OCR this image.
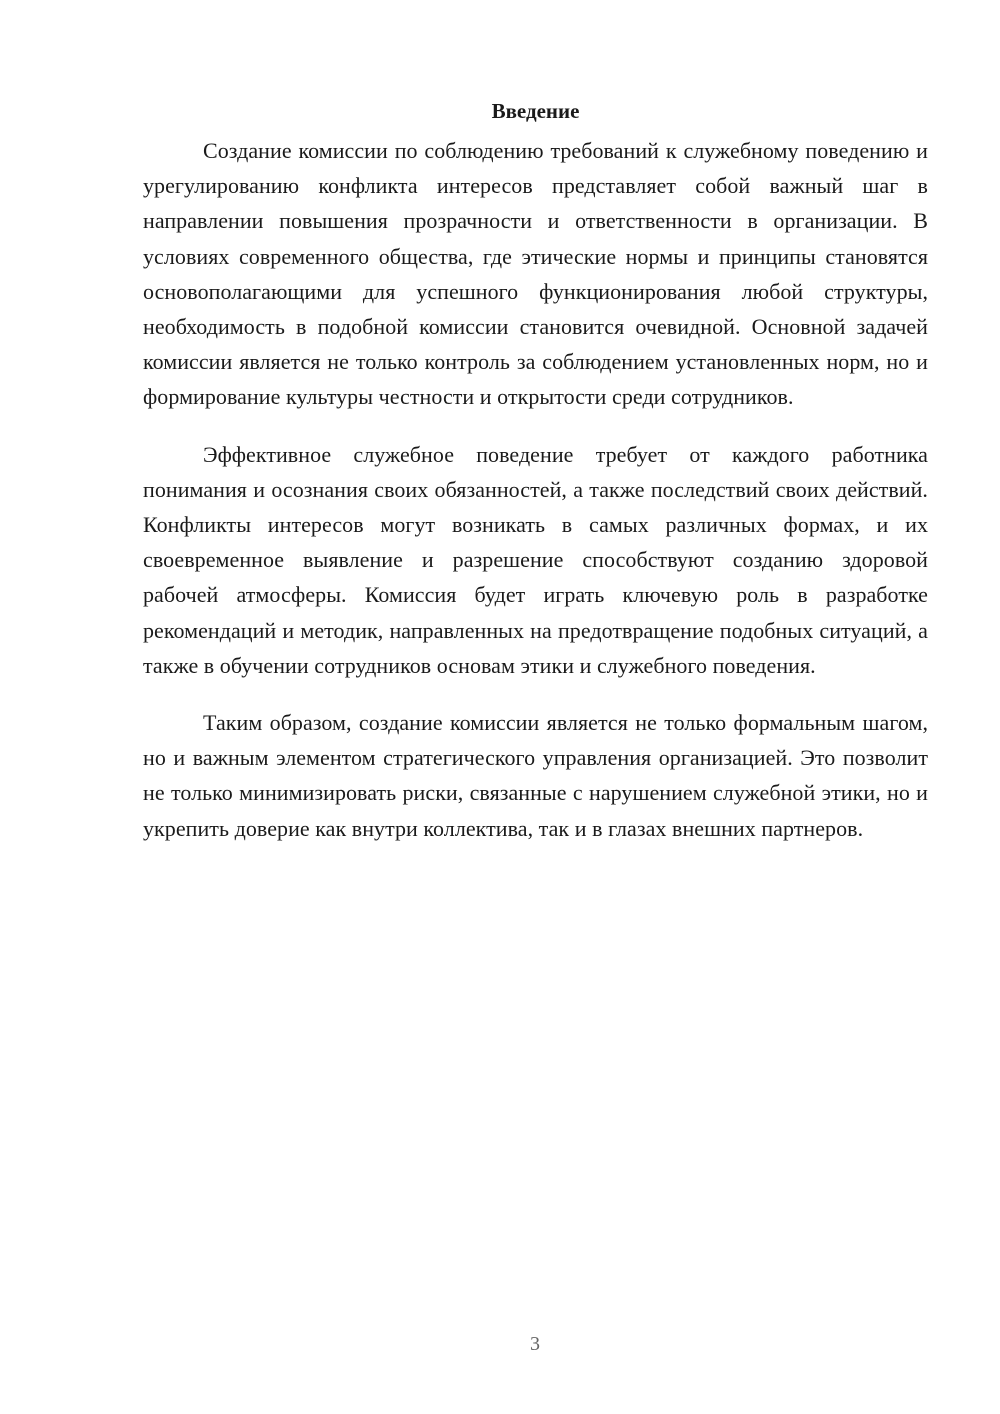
Введение

Создание комиссии по соблюдению требований к служебному поведению и урегулированию конфликта интересов представляет собой важный шаг в направлении повышения прозрачности и ответственности в организации. В условиях современного общества, где этические нормы и принципы становятся основополагающими для успешного функционирования любой структуры, необходимость в подобной комиссии становится очевидной. Основной задачей комиссии является не только контроль за соблюдением установленных норм, но и формирование культуры честности и открытости среди сотрудников.

Эффективное служебное поведение требует от каждого работника понимания и осознания своих обязанностей, а также последствий своих действий. Конфликты интересов могут возникать в самых различных формах, и их своевременное выявление и разрешение способствуют созданию здоровой рабочей атмосферы. Комиссия будет играть ключевую роль в разработке рекомендаций и методик, направленных на предотвращение подобных ситуаций, а также в обучении сотрудников основам этики и служебного поведения.

Таким образом, создание комиссии является не только формальным шагом, но и важным элементом стратегического управления организацией. Это позволит не только минимизировать риски, связанные с нарушением служебной этики, но и укрепить доверие как внутри коллектива, так и в глазах внешних партнеров.

3
